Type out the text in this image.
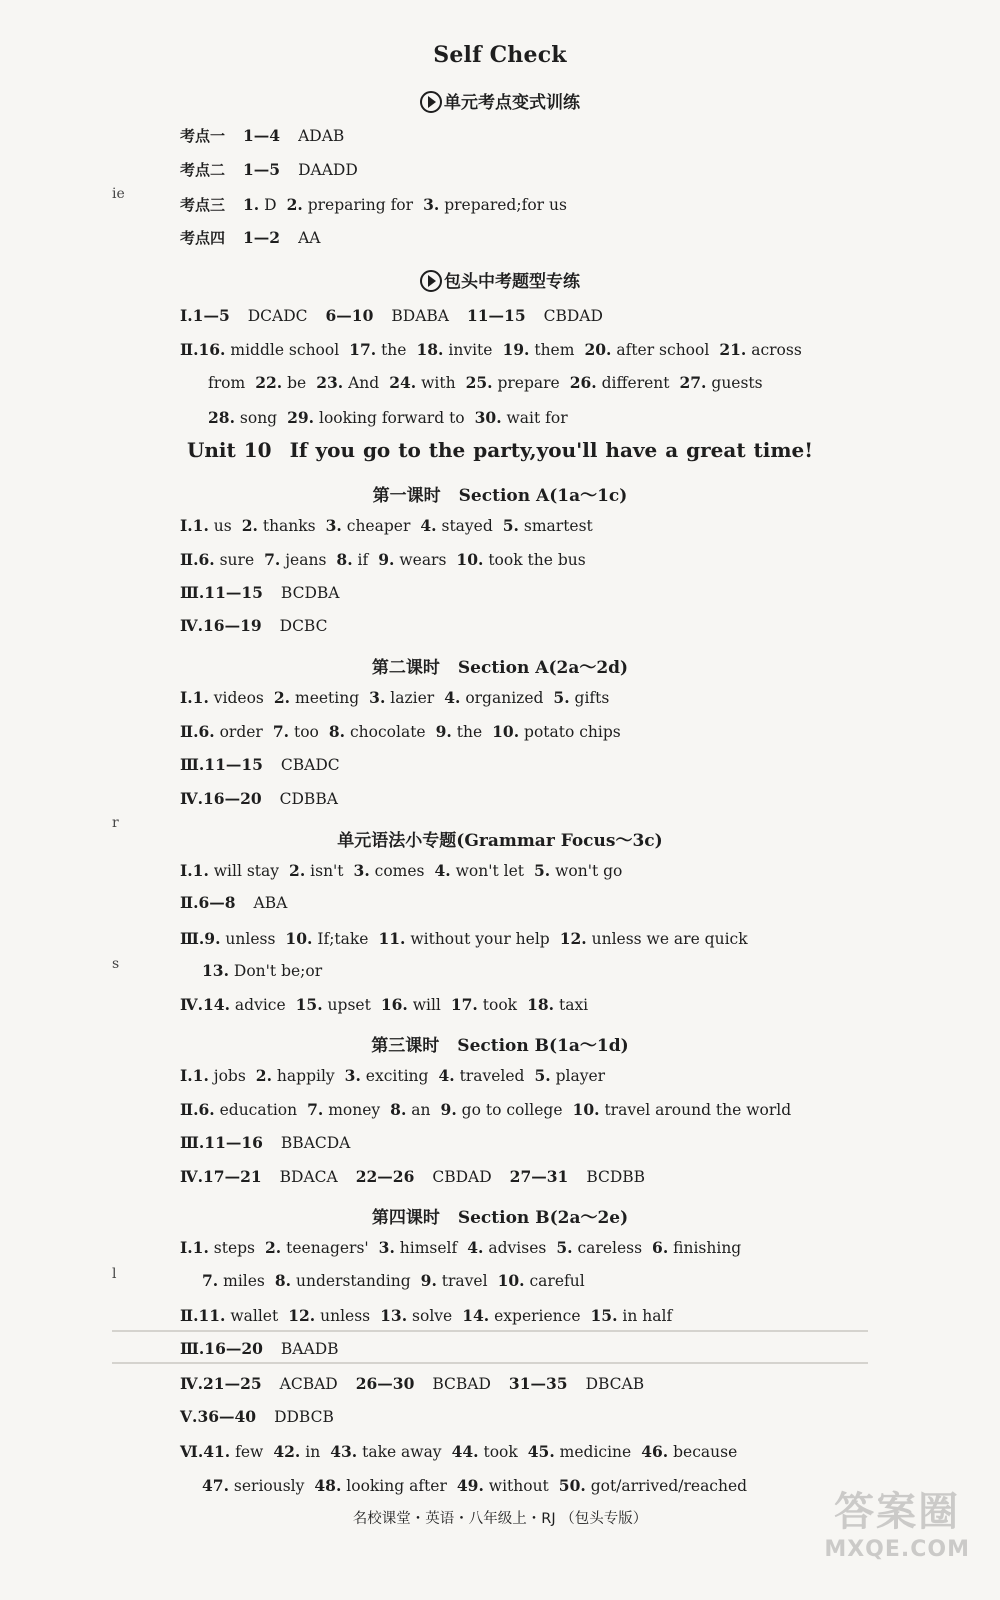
Self Check
单元考点变式训练
考点一 1—4 ADAB
考点二 1—5 DAADD
考点三 1. D 2. preparing for 3. prepared;for us
考点四 1—2 AA
包头中考题型专练
Ⅰ.1—5 DCADC 6—10 BDABA 11—15 CBDAD
Ⅱ.16. middle school 17. the 18. invite 19. them 20. after school 21. across
from 22. be 23. And 24. with 25. prepare 26. different 27. guests
28. song 29. looking forward to 30. wait for
Unit 10 If you go to the party,you'll have a great time!
第一课时 Section A(1a～1c)
Ⅰ.1. us 2. thanks 3. cheaper 4. stayed 5. smartest
Ⅱ.6. sure 7. jeans 8. if 9. wears 10. took the bus
Ⅲ.11—15 BCDBA
Ⅳ.16—19 DCBC
第二课时 Section A(2a～2d)
Ⅰ.1. videos 2. meeting 3. lazier 4. organized 5. gifts
Ⅱ.6. order 7. too 8. chocolate 9. the 10. potato chips
Ⅲ.11—15 CBADC
Ⅳ.16—20 CDBBA
单元语法小专题(Grammar Focus～3c)
Ⅰ.1. will stay 2. isn't 3. comes 4. won't let 5. won't go
Ⅱ.6—8 ABA
Ⅲ.9. unless 10. If;take 11. without your help 12. unless we are quick
13. Don't be;or
Ⅳ.14. advice 15. upset 16. will 17. took 18. taxi
第三课时 Section B(1a～1d)
Ⅰ.1. jobs 2. happily 3. exciting 4. traveled 5. player
Ⅱ.6. education 7. money 8. an 9. go to college 10. travel around the world
Ⅲ.11—16 BBACDA
Ⅳ.17—21 BDACA 22—26 CBDAD 27—31 BCDBB
第四课时 Section B(2a～2e)
Ⅰ.1. steps 2. teenagers' 3. himself 4. advises 5. careless 6. finishing
7. miles 8. understanding 9. travel 10. careful
Ⅱ.11. wallet 12. unless 13. solve 14. experience 15. in half
Ⅲ.16—20 BAADB
Ⅳ.21—25 ACBAD 26—30 BCBAD 31—35 DBCAB
Ⅴ.36—40 DDBCB
Ⅵ.41. few 42. in 43. take away 44. took 45. medicine 46. because
47. seriously 48. looking after 49. without 50. got/arrived/reached
ie
r
s
l
名校课堂・英语・八年级上・RJ （包头专版）	答案圈
MXQE.COM
